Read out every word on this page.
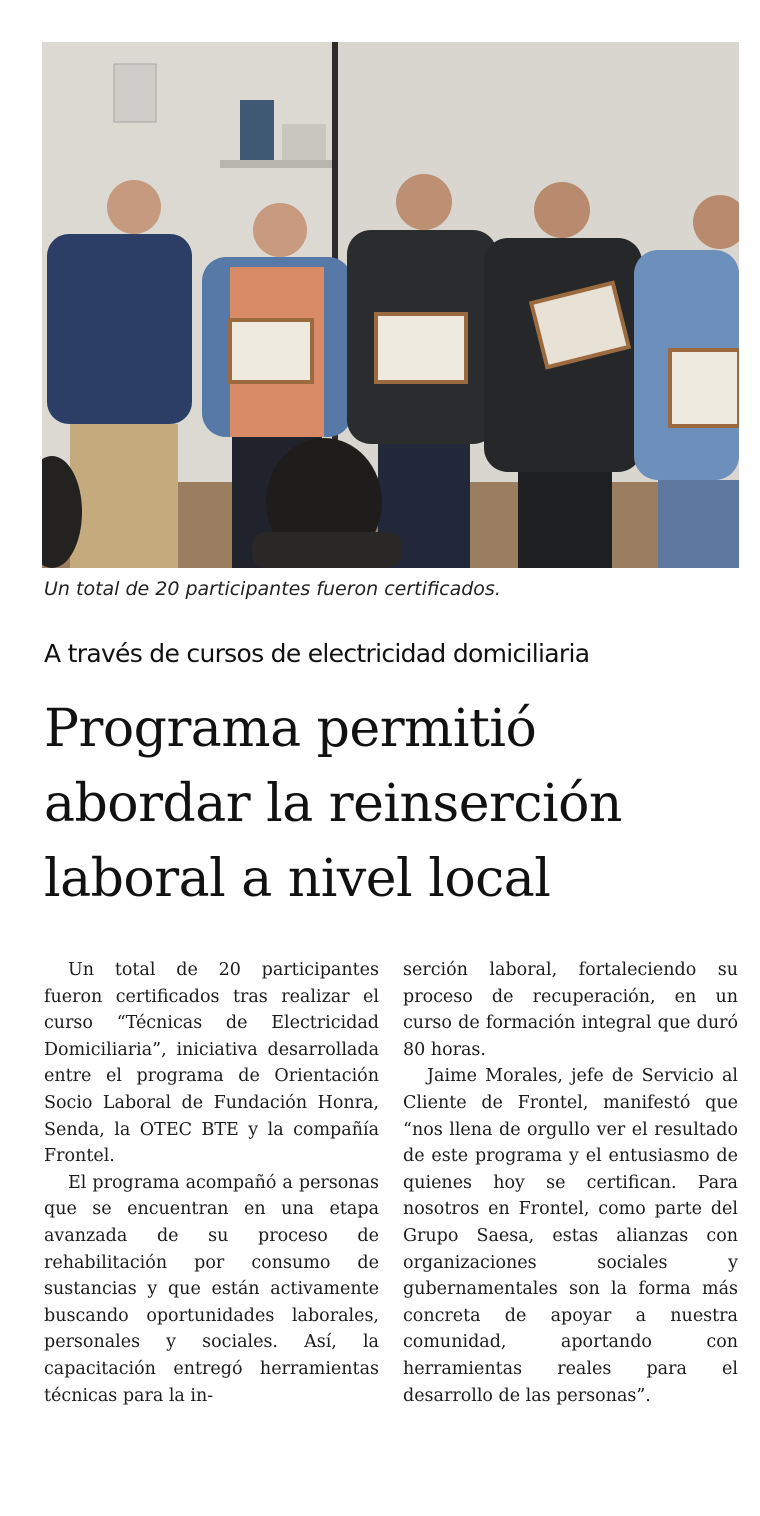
Un total de 20 participantes fueron certificados.
A través de cursos de electricidad domiciliaria
Programa permitió
abordar la reinserción
laboral a nivel local

Un total de 20 participantes fueron certificados tras realizar el curso “Técnicas de Electricidad Domiciliaria”, iniciativa desarrollada entre el programa de Orientación Socio Laboral de Fundación Honra, Senda, la OTEC BTE y la compañía Frontel.

El programa acompañó a personas que se encuentran en una etapa avanzada de su proceso de rehabilitación por consumo de sustancias y que están activamente buscando oportunidades laborales, personales y sociales. Así, la capacitación entregó herramientas técnicas para la in-

serción laboral, fortaleciendo su proceso de recuperación, en un curso de formación integral que duró 80 horas.

Jaime Morales, jefe de Servicio al Cliente de Frontel, manifestó que “nos llena de orgullo ver el resultado de este programa y el entusiasmo de quienes hoy se certifican. Para nosotros en Frontel, como parte del Grupo Saesa, estas alianzas con organizaciones sociales y gubernamentales son la forma más concreta de apoyar a nuestra comunidad, aportando con herramientas reales para el desarrollo de las personas”.
